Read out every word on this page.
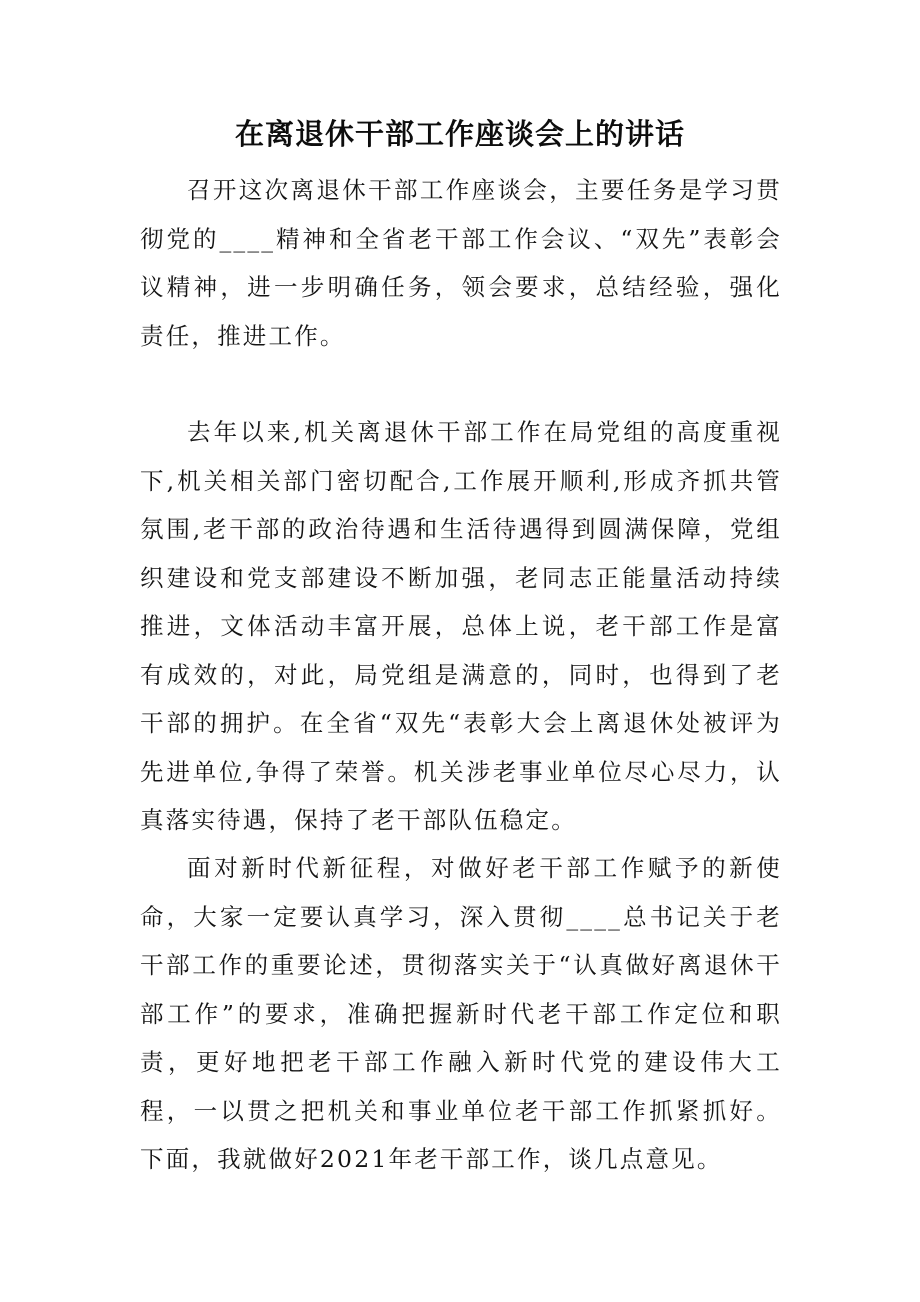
在离退休干部工作座谈会上的讲话

召开这次离退休干部工作座谈会，主要任务是学习贯彻党的____精神和全省老干部工作会议、“双先”表彰会议精神，进一步明确任务，领会要求，总结经验，强化责任，推进工作。

去年以来,机关离退休干部工作在局党组的高度重视下,机关相关部门密切配合,工作展开顺利,形成齐抓共管氛围,老干部的政治待遇和生活待遇得到圆满保障，党组织建设和党支部建设不断加强，老同志正能量活动持续推进，文体活动丰富开展，总体上说，老干部工作是富有成效的，对此，局党组是满意的，同时，也得到了老干部的拥护。在全省“双先“表彰大会上离退休处被评为先进单位,争得了荣誉。机关涉老事业单位尽心尽力，认真落实待遇，保持了老干部队伍稳定。

面对新时代新征程，对做好老干部工作赋予的新使命，大家一定要认真学习，深入贯彻____总书记关于老干部工作的重要论述，贯彻落实关于“认真做好离退休干部工作”的要求，准确把握新时代老干部工作定位和职责，更好地把老干部工作融入新时代党的建设伟大工程，一以贯之把机关和事业单位老干部工作抓紧抓好。下面，我就做好2021年老干部工作，谈几点意见。
